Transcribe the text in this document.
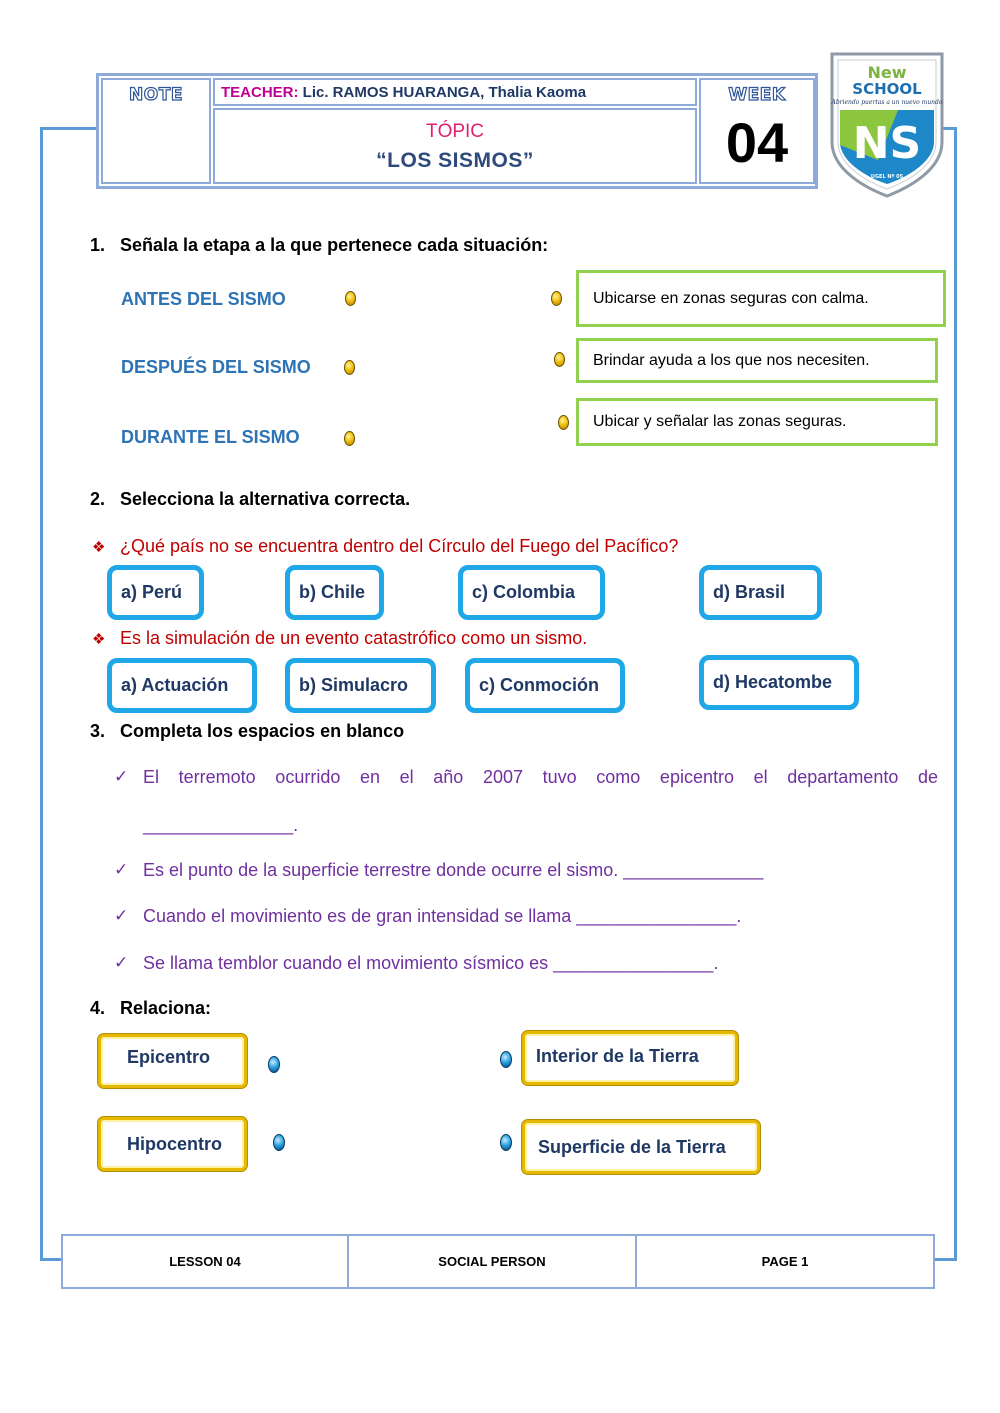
NOTE	TEACHER: Lic. RAMOS HUARANGA, Thalia Kaoma
TÓPIC
“LOS SISMOS”
WEEK
04
New
SCHOOL
Abriendo puertas a un nuevo mundo
NS
UGEL Nº 05
1. Señala la etapa a la que pertenece cada situación:
ANTES DEL SISMO
DESPUÉS DEL SISMO
DURANTE EL SISMO
Ubicarse en zonas seguras con calma.
Brindar ayuda a los que nos necesiten.
Ubicar y señalar las zonas seguras.
2. Selecciona la alternativa correcta.
❖ ¿Qué país no se encuentra dentro del Círculo del Fuego del Pacífico?
a) Perú	b) Chile	c) Colombia	d) Brasil
❖ Es la simulación de un evento catastrófico como un sismo.
a) Actuación	b) Simulacro	c) Conmoción	d) Hecatombe
3. Completa los espacios en blanco
✓ El terremoto ocurrido en el año 2007 tuvo como epicentro el departamento de
_______________.
✓ Es el punto de la superficie terrestre donde ocurre el sismo. ______________
✓ Cuando el movimiento es de gran intensidad se llama ________________.
✓ Se llama temblor cuando el movimiento sísmico es ________________.
4. Relaciona:
Epicentro
Hipocentro
Interior de la Tierra
Superficie de la Tierra
LESSON 04	SOCIAL PERSON	PAGE 1
